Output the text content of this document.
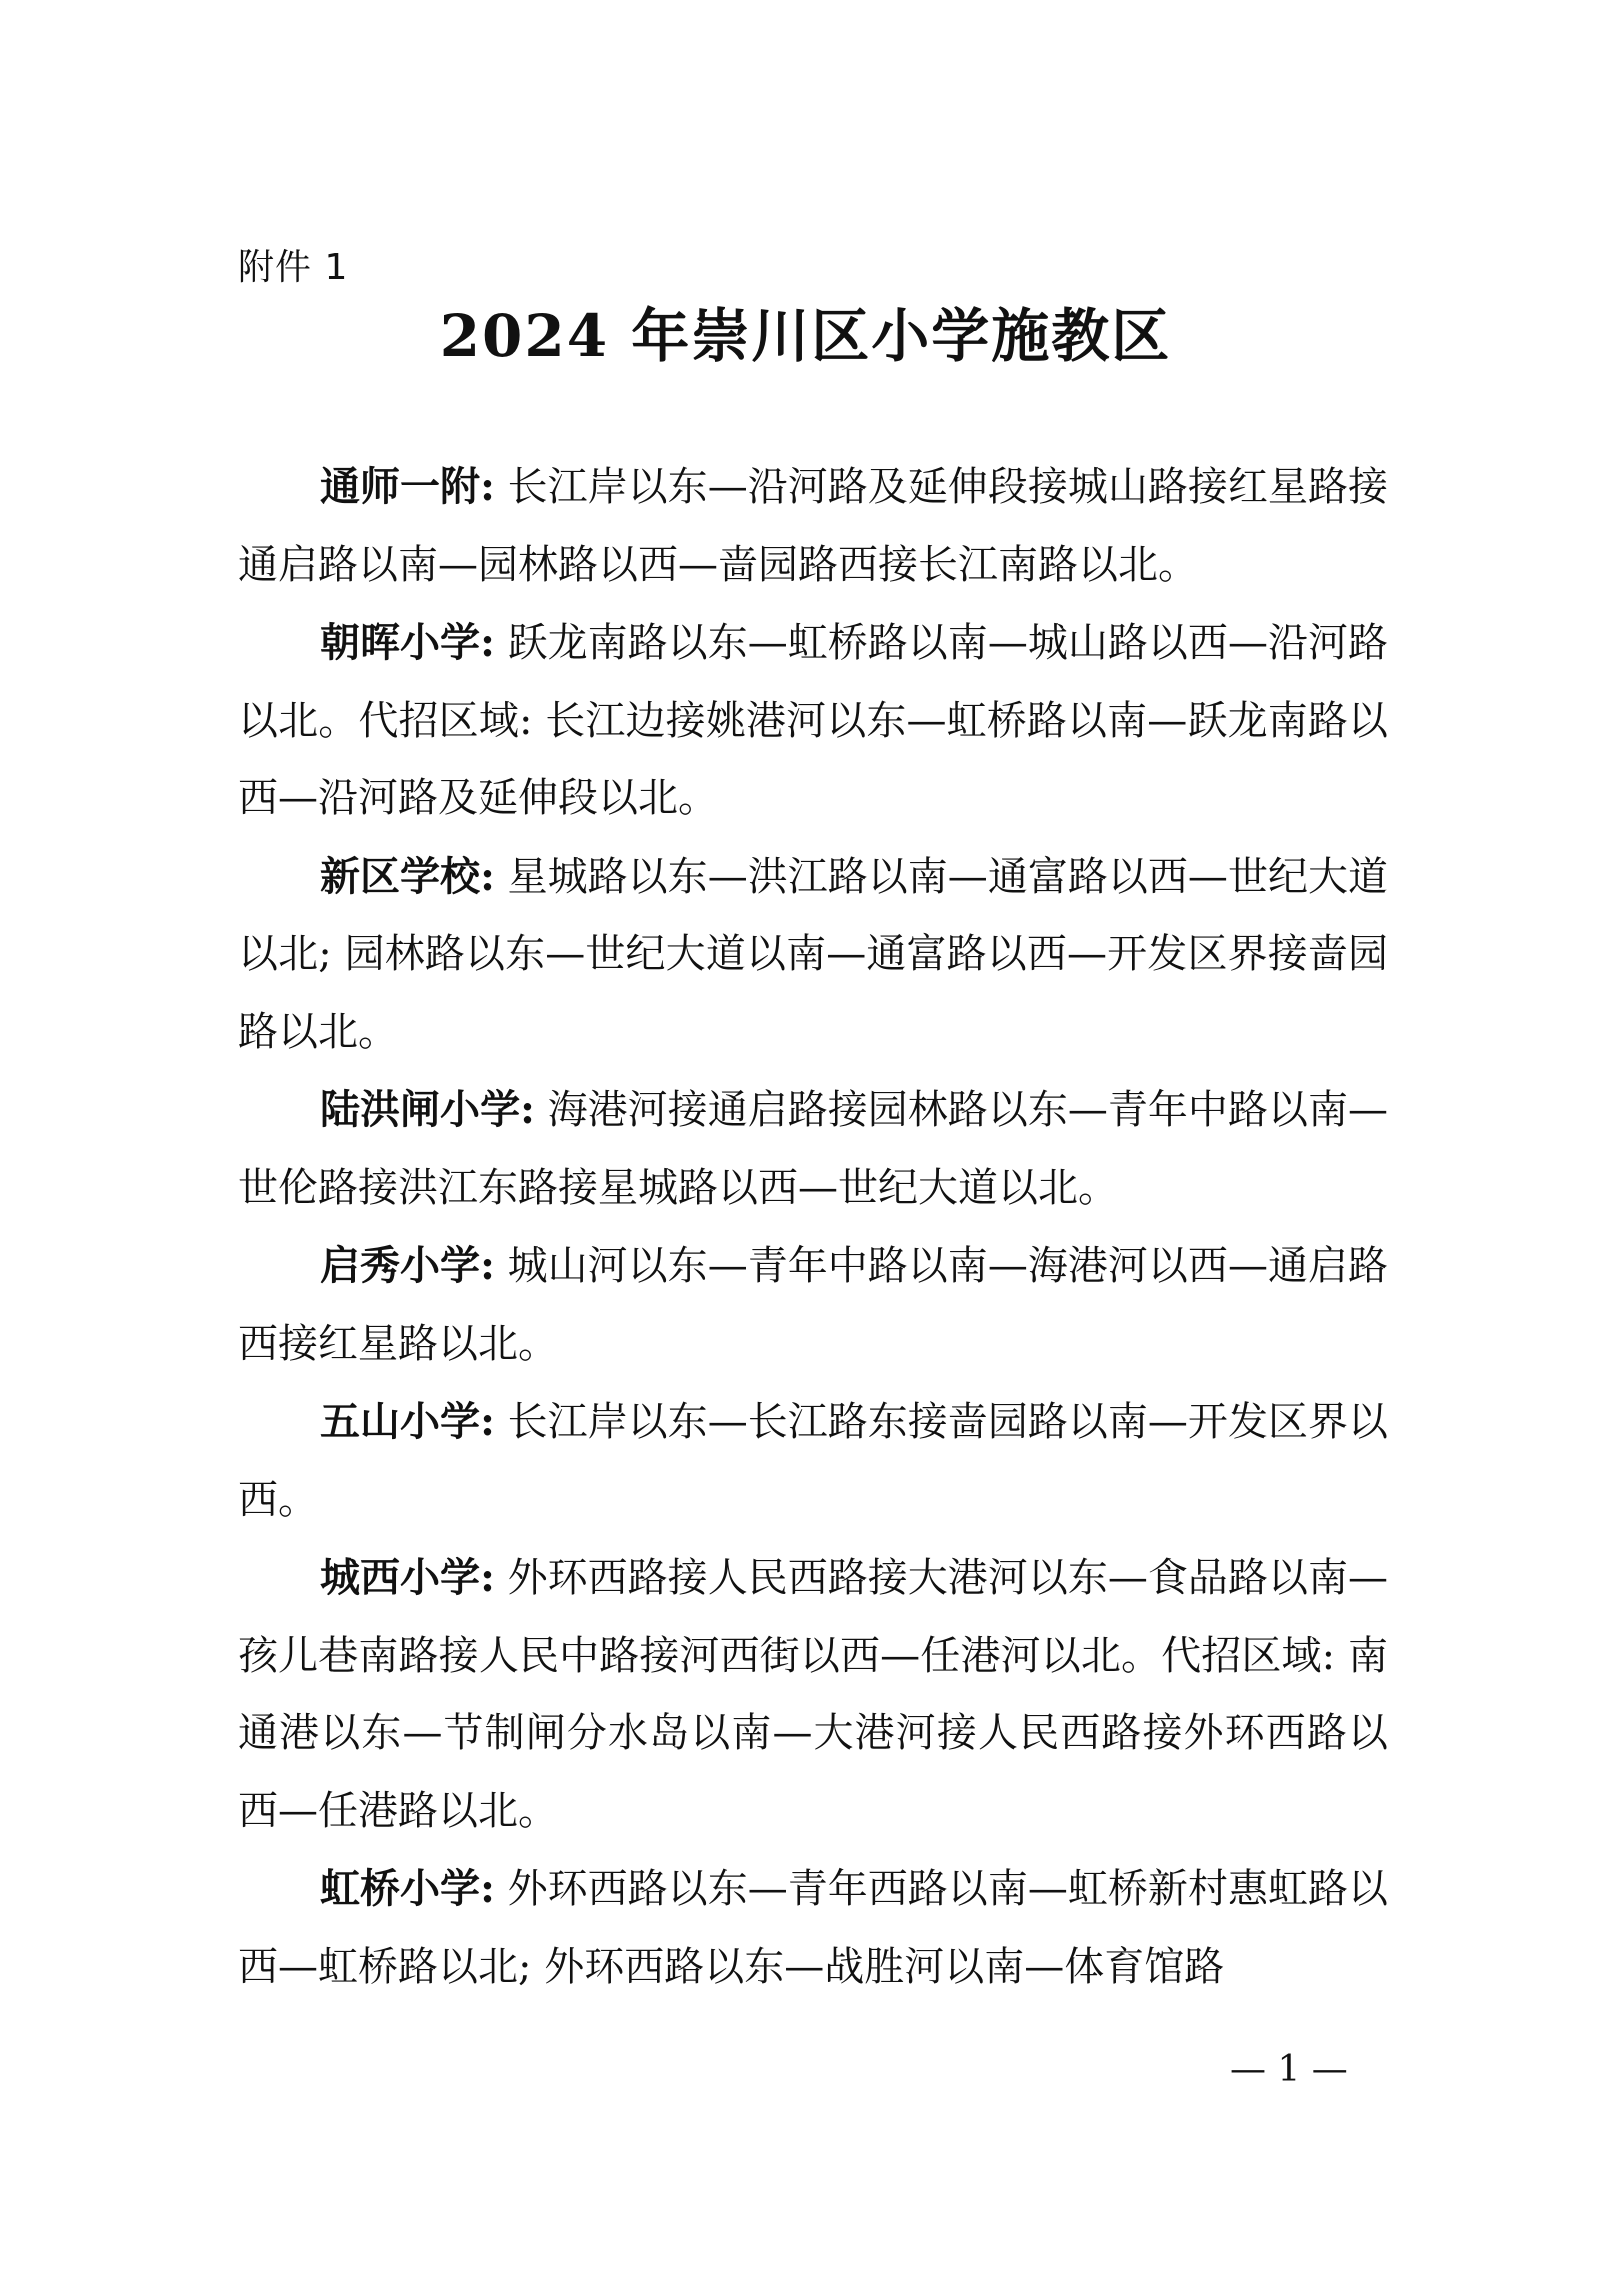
附件 1
2024 年崇川区小学施教区

通师一附: 长江岸以东—沿河路及延伸段接城山路接红星路接通启路以南—园林路以西—啬园路西接长江南路以北。

朝晖小学: 跃龙南路以东—虹桥路以南—城山路以西—沿河路以北。代招区域: 长江边接姚港河以东—虹桥路以南—跃龙南路以西—沿河路及延伸段以北。

新区学校: 星城路以东—洪江路以南—通富路以西—世纪大道以北; 园林路以东—世纪大道以南—通富路以西—开发区界接啬园路以北。

陆洪闸小学: 海港河接通启路接园林路以东—青年中路以南—世伦路接洪江东路接星城路以西—世纪大道以北。

启秀小学: 城山河以东—青年中路以南—海港河以西—通启路西接红星路以北。

五山小学: 长江岸以东—长江路东接啬园路以南—开发区界以西。

城西小学: 外环西路接人民西路接大港河以东—食品路以南—孩儿巷南路接人民中路接河西街以西—任港河以北。代招区域: 南通港以东—节制闸分水岛以南—大港河接人民西路接外环西路以西—任港路以北。

虹桥小学: 外环西路以东—青年西路以南—虹桥新村惠虹路以西—虹桥路以北; 外环西路以东—战胜河以南—体育馆路

— 1 —
